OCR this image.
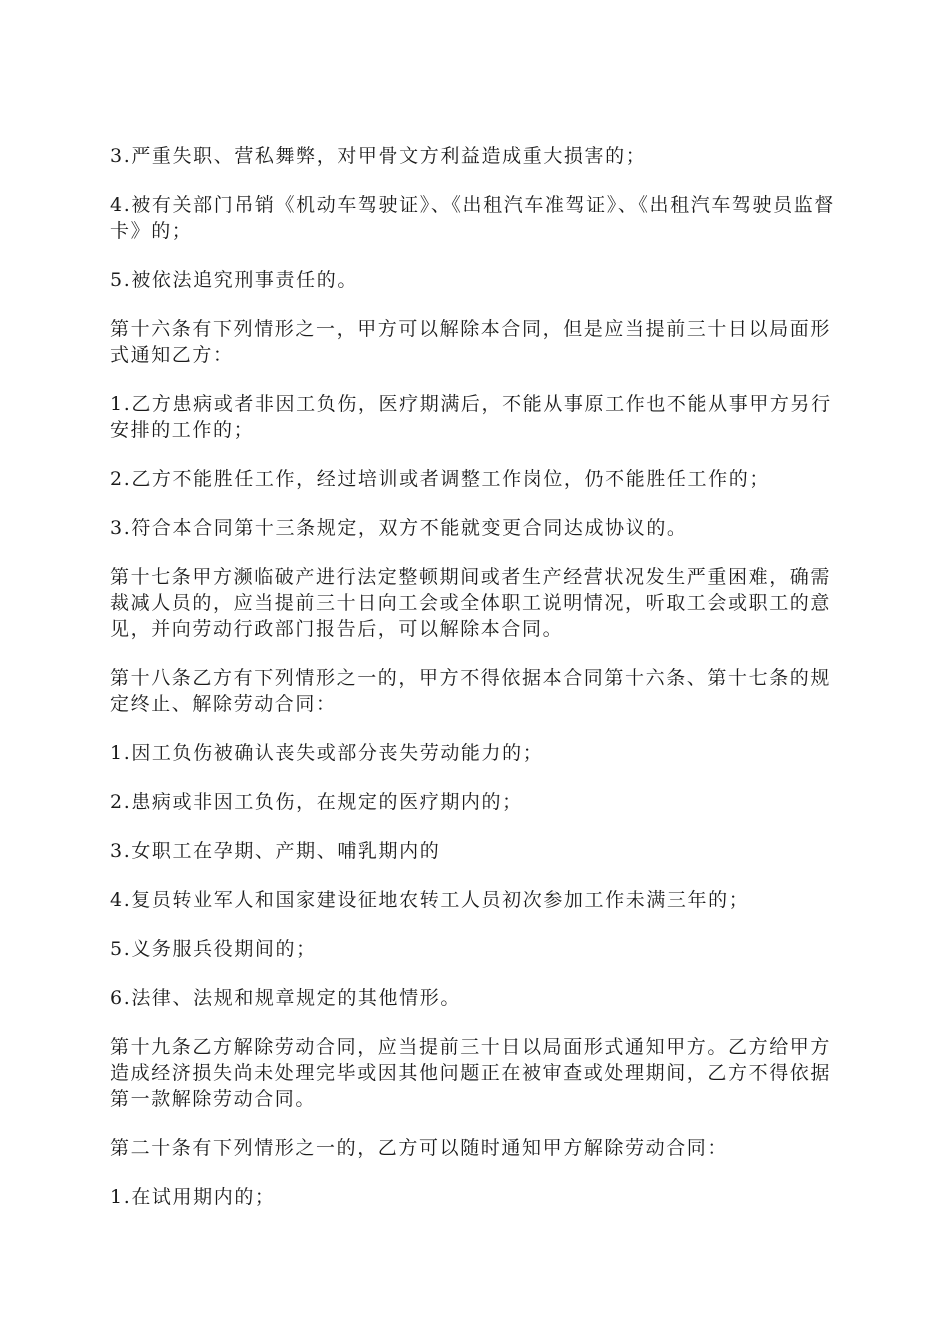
3.严重失职、营私舞弊，对甲骨文方利益造成重大损害的；

4.被有关部门吊销《机动车驾驶证》、《出租汽车准驾证》、《出租汽车驾驶员监督卡》的；

5.被依法追究刑事责任的。

第十六条有下列情形之一，甲方可以解除本合同，但是应当提前三十日以局面形式通知乙方：

1.乙方患病或者非因工负伤，医疗期满后，不能从事原工作也不能从事甲方另行安排的工作的；

2.乙方不能胜任工作，经过培训或者调整工作岗位，仍不能胜任工作的；

3.符合本合同第十三条规定，双方不能就变更合同达成协议的。

第十七条甲方濒临破产进行法定整顿期间或者生产经营状况发生严重困难，确需裁减人员的，应当提前三十日向工会或全体职工说明情况，听取工会或职工的意见，并向劳动行政部门报告后，可以解除本合同。

第十八条乙方有下列情形之一的，甲方不得依据本合同第十六条、第十七条的规定终止、解除劳动合同：

1.因工负伤被确认丧失或部分丧失劳动能力的；

2.患病或非因工负伤，在规定的医疗期内的；

3.女职工在孕期、产期、哺乳期内的

4.复员转业军人和国家建设征地农转工人员初次参加工作未满三年的；

5.义务服兵役期间的；

6.法律、法规和规章规定的其他情形。

第十九条乙方解除劳动合同，应当提前三十日以局面形式通知甲方。乙方给甲方造成经济损失尚未处理完毕或因其他问题正在被审查或处理期间，乙方不得依据第一款解除劳动合同。

第二十条有下列情形之一的，乙方可以随时通知甲方解除劳动合同：

1.在试用期内的；
